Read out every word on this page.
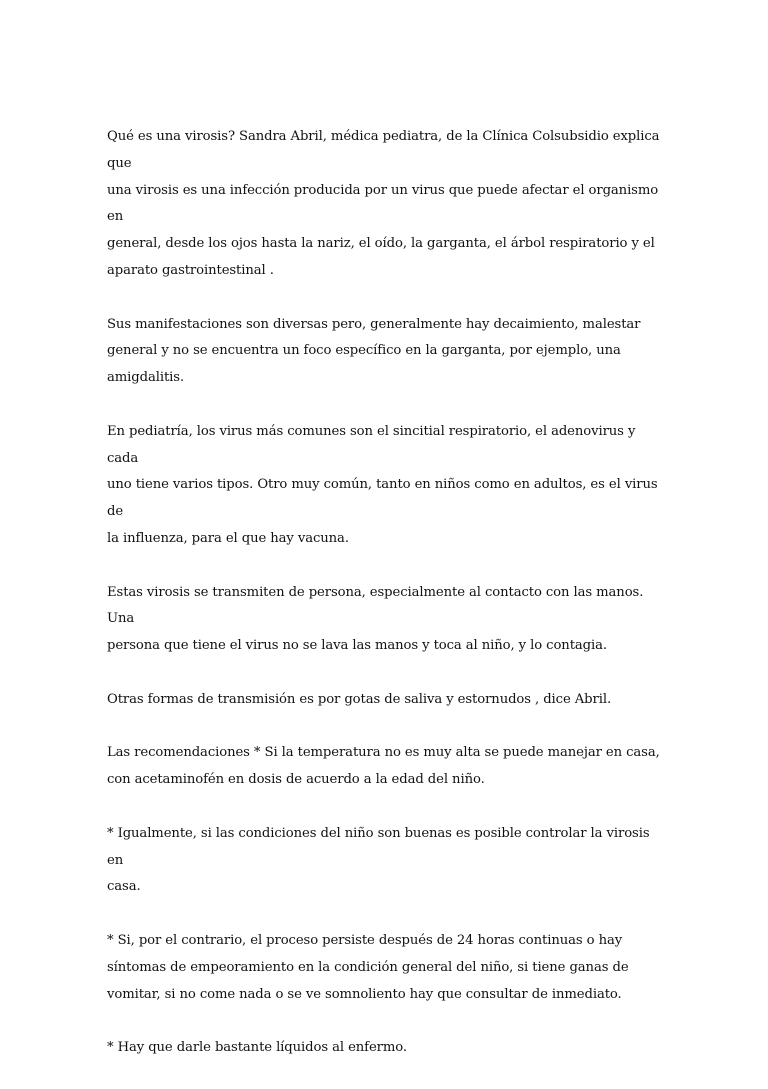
Qué es una virosis? Sandra Abril, médica pediatra, de la Clínica Colsubsidio explica que
una virosis es una infección producida por un virus que puede afectar el organismo en
general, desde los ojos hasta la nariz, el oído, la garganta, el árbol respiratorio y el
aparato gastrointestinal .

Sus manifestaciones son diversas pero, generalmente hay decaimiento, malestar
general y no se encuentra un foco específico en la garganta, por ejemplo, una
amigdalitis.

En pediatría, los virus más comunes son el sincitial respiratorio, el adenovirus y cada
uno tiene varios tipos. Otro muy común, tanto en niños como en adultos, es el virus de
la influenza, para el que hay vacuna.

Estas virosis se transmiten de persona, especialmente al contacto con las manos. Una
persona que tiene el virus no se lava las manos y toca al niño, y lo contagia.

Otras formas de transmisión es por gotas de saliva y estornudos , dice Abril.

Las recomendaciones * Si la temperatura no es muy alta se puede manejar en casa,
con acetaminofén en dosis de acuerdo a la edad del niño.

* Igualmente, si las condiciones del niño son buenas es posible controlar la virosis en
casa.

* Si, por el contrario, el proceso persiste después de 24 horas continuas o hay
síntomas de empeoramiento en la condición general del niño, si tiene ganas de
vomitar, si no come nada o se ve somnoliento hay que consultar de inmediato.

* Hay que darle bastante líquidos al enfermo.
